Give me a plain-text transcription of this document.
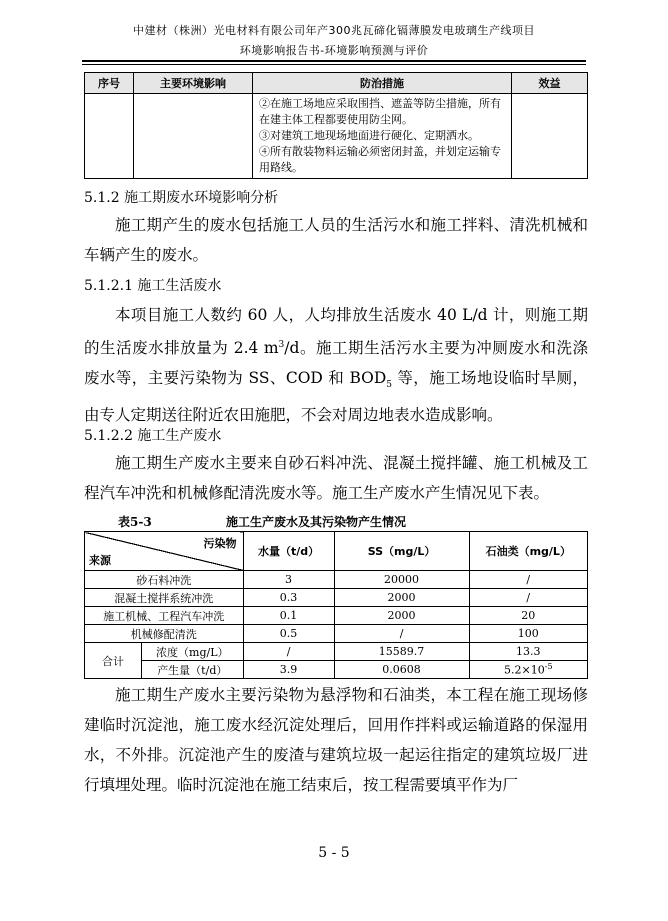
中建材（株洲）光电材料有限公司年产300兆瓦碲化镉薄膜发电玻璃生产线项目
环境影响报告书-环境影响预测与评价
序号	主要环境影响	防治措施	效益

		②在施工场地应采取围挡、遮盖等防尘措施，所有在建主体工程都要使用防尘网。
③对建筑工地现场地面进行硬化、定期洒水。
④所有散装物料运输必须密闭封盖，并划定运输专用路线。	

5.1.2 施工期废水环境影响分析
施工期产生的废水包括施工人员的生活污水和施工拌料、清洗机械和车辆产生的废水。
5.1.2.1 施工生活废水
本项目施工人数约 60 人，人均排放生活废水 40 L/d 计，则施工期的生活废水排放量为 2.4 $m^3/d$。施工期生活污水主要为冲厕废水和洗涤废水等，主要污染物为 SS、COD 和 $BOD_5$ 等，施工场地设临时旱厕，由专人定期送往附近农田施肥，不会对周边地表水造成影响。
5.1.2.2 施工生产废水
施工期生产废水主要来自砂石料冲洗、混凝土搅拌罐、施工机械及工程汽车冲洗和机械修配清洗废水等。施工生产废水产生情况见下表。
表5-3	施工生产废水及其污染物产生情况
污染物
来源		水量（t/d）	SS（mg/L）	石油类（mg/L）
砂石料冲洗		3	20000	/
混凝土搅拌系统冲洗		0.3	2000	/
施工机械、工程汽车冲洗		0.1	2000	20
机械修配清洗		0.5	/	100
合计	浓度（mg/L）	/	15589.7	13.3
	产生量（t/d）	3.9	0.0608	$5.2\times 10^{-5}$
施工期生产废水主要污染物为悬浮物和石油类，本工程在施工现场修建临时沉淀池，施工废水经沉淀处理后，回用作拌料或运输道路的保湿用水，不外排。沉淀池产生的废渣与建筑垃圾一起运往指定的建筑垃圾厂进行填埋处理。临时沉淀池在施工结束后，按工程需要填平作为厂
5 - 5
